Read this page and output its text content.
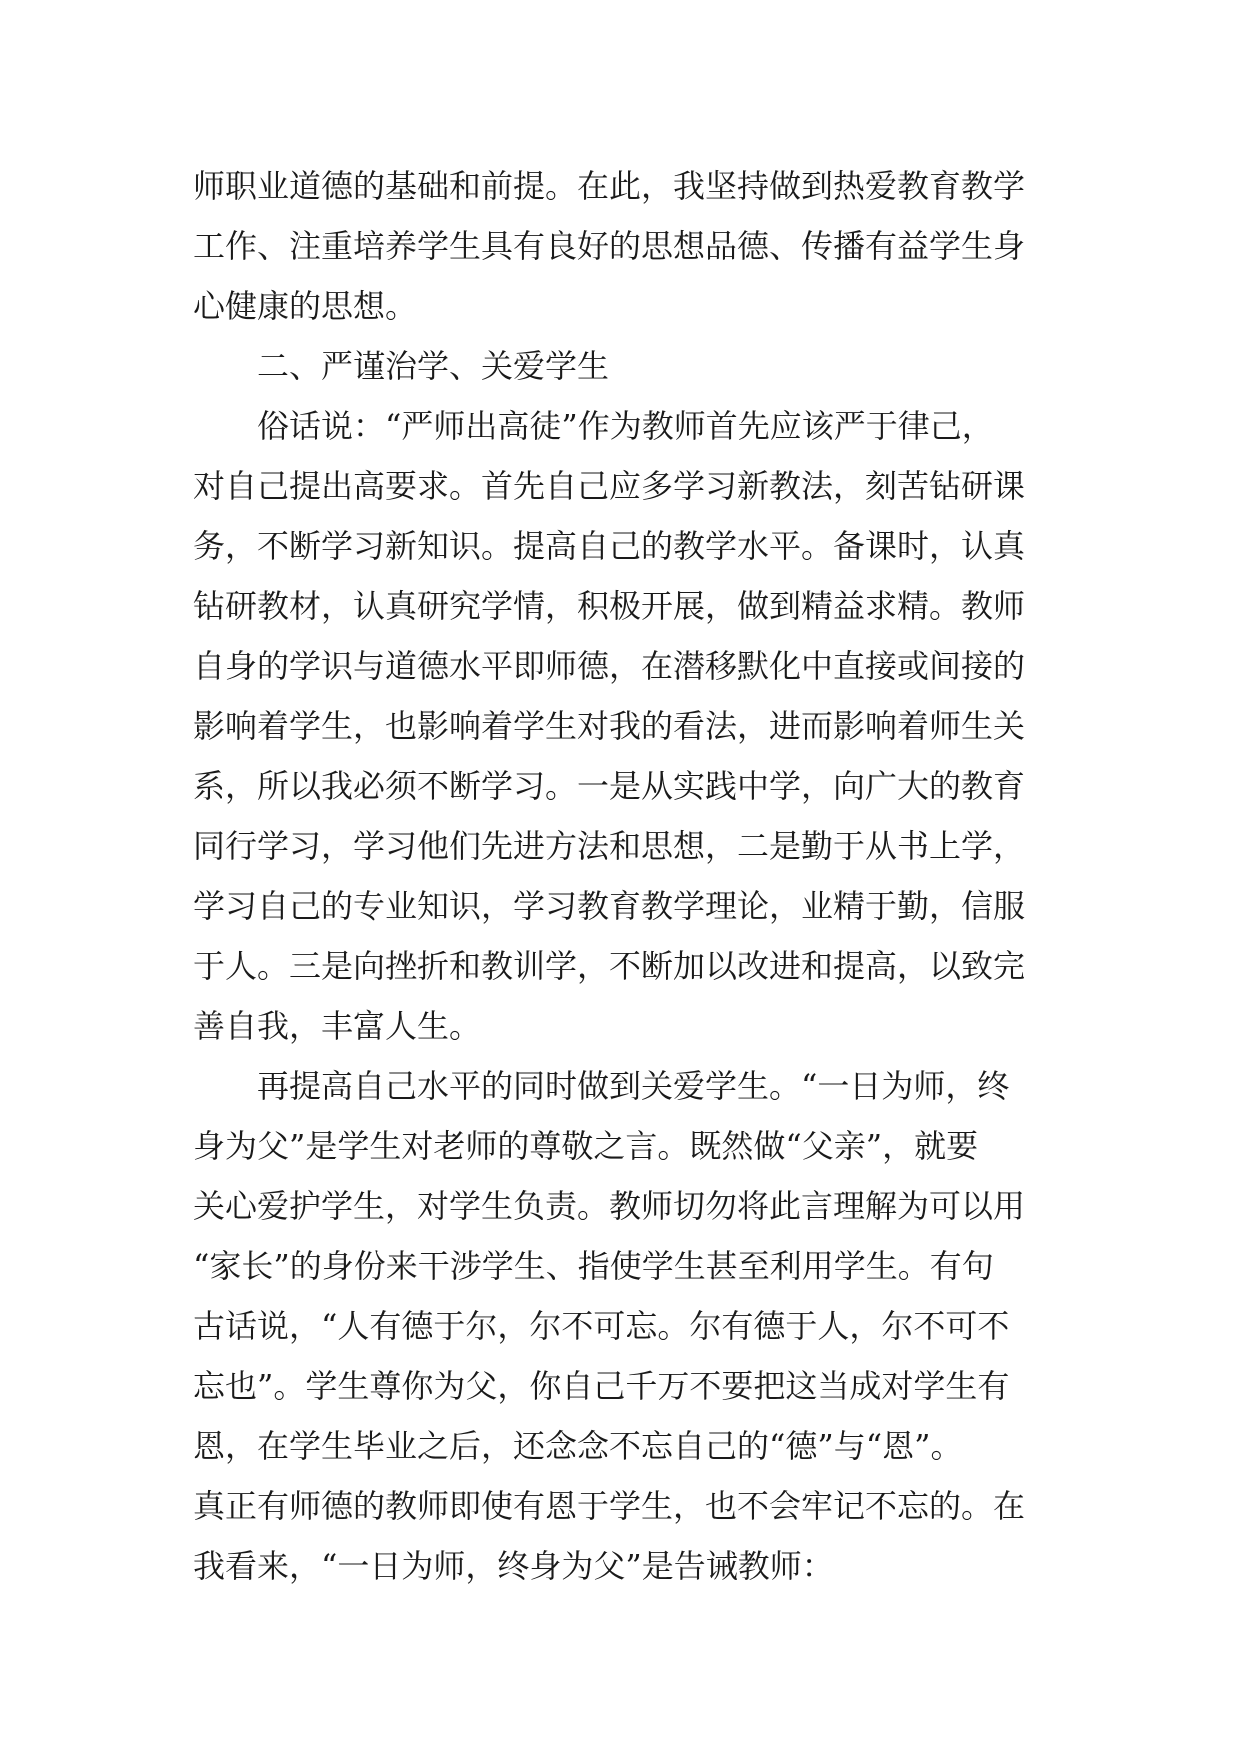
师职业道德的基础和前提。在此，我坚持做到热爱教育教学
工作、注重培养学生具有良好的思想品德、传播有益学生身
心健康的思想。
二、严谨治学、关爱学生
俗话说：“严师出高徒”作为教师首先应该严于律己，
对自己提出高要求。首先自己应多学习新教法，刻苦钻研课
务，不断学习新知识。提高自己的教学水平。备课时，认真
钻研教材，认真研究学情，积极开展，做到精益求精。教师
自身的学识与道德水平即师德，在潜移默化中直接或间接的
影响着学生，也影响着学生对我的看法，进而影响着师生关
系，所以我必须不断学习。一是从实践中学，向广大的教育
同行学习，学习他们先进方法和思想，二是勤于从书上学，
学习自己的专业知识，学习教育教学理论，业精于勤，信服
于人。三是向挫折和教训学，不断加以改进和提高，以致完
善自我，丰富人生。
再提高自己水平的同时做到关爱学生。“一日为师，终
身为父”是学生对老师的尊敬之言。既然做“父亲”，就要
关心爱护学生，对学生负责。教师切勿将此言理解为可以用
“家长”的身份来干涉学生、指使学生甚至利用学生。有句
古话说，“人有德于尔，尔不可忘。尔有德于人，尔不可不
忘也”。学生尊你为父，你自己千万不要把这当成对学生有
恩，在学生毕业之后，还念念不忘自己的“德”与“恩”。
真正有师德的教师即使有恩于学生，也不会牢记不忘的。在
我看来，“一日为师，终身为父”是告诫教师：
